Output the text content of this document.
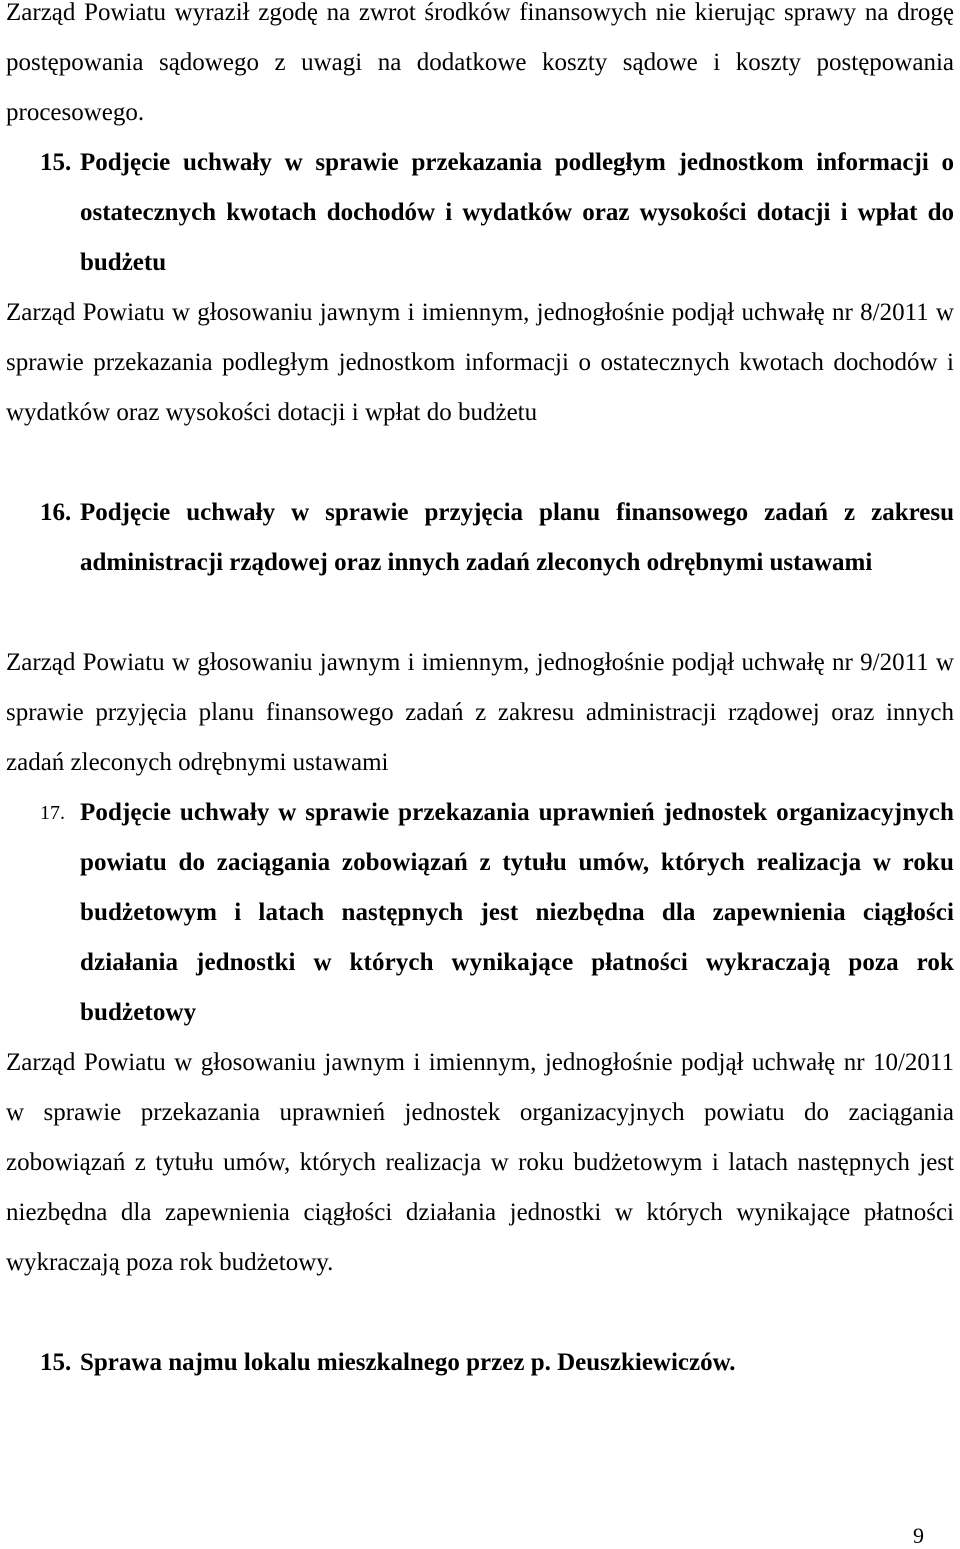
Zarząd Powiatu wyraził zgodę na zwrot środków finansowych nie kierując sprawy na drogę postępowania sądowego z uwagi na dodatkowe koszty sądowe i koszty postępowania procesowego.

15. Podjęcie uchwały w sprawie przekazania podległym jednostkom informacji o ostatecznych kwotach dochodów i wydatków oraz wysokości dotacji i wpłat do budżetu

Zarząd Powiatu w głosowaniu jawnym i imiennym, jednogłośnie podjął uchwałę nr 8/2011 w sprawie przekazania podległym jednostkom informacji o ostatecznych kwotach dochodów i wydatków oraz wysokości dotacji i wpłat do budżetu

16. Podjęcie uchwały w sprawie przyjęcia planu finansowego zadań z zakresu administracji rządowej oraz innych zadań zleconych odrębnymi ustawami

Zarząd Powiatu w głosowaniu jawnym i imiennym, jednogłośnie podjął uchwałę nr 9/2011 w sprawie przyjęcia planu finansowego zadań z zakresu administracji rządowej oraz innych zadań zleconych odrębnymi ustawami

17. Podjęcie uchwały w sprawie przekazania uprawnień jednostek organizacyjnych powiatu do zaciągania zobowiązań z tytułu umów, których realizacja w roku budżetowym i latach następnych jest niezbędna dla zapewnienia ciągłości działania jednostki w których wynikające płatności wykraczają poza rok budżetowy

Zarząd Powiatu w głosowaniu jawnym i imiennym, jednogłośnie podjął uchwałę nr 10/2011 w sprawie przekazania uprawnień jednostek organizacyjnych powiatu do zaciągania zobowiązań z tytułu umów, których realizacja w roku budżetowym i latach następnych jest niezbędna dla zapewnienia ciągłości działania jednostki w których wynikające płatności wykraczają poza rok budżetowy.

15. Sprawa najmu lokalu mieszkalnego przez p. Deuszkiewiczów.
9
